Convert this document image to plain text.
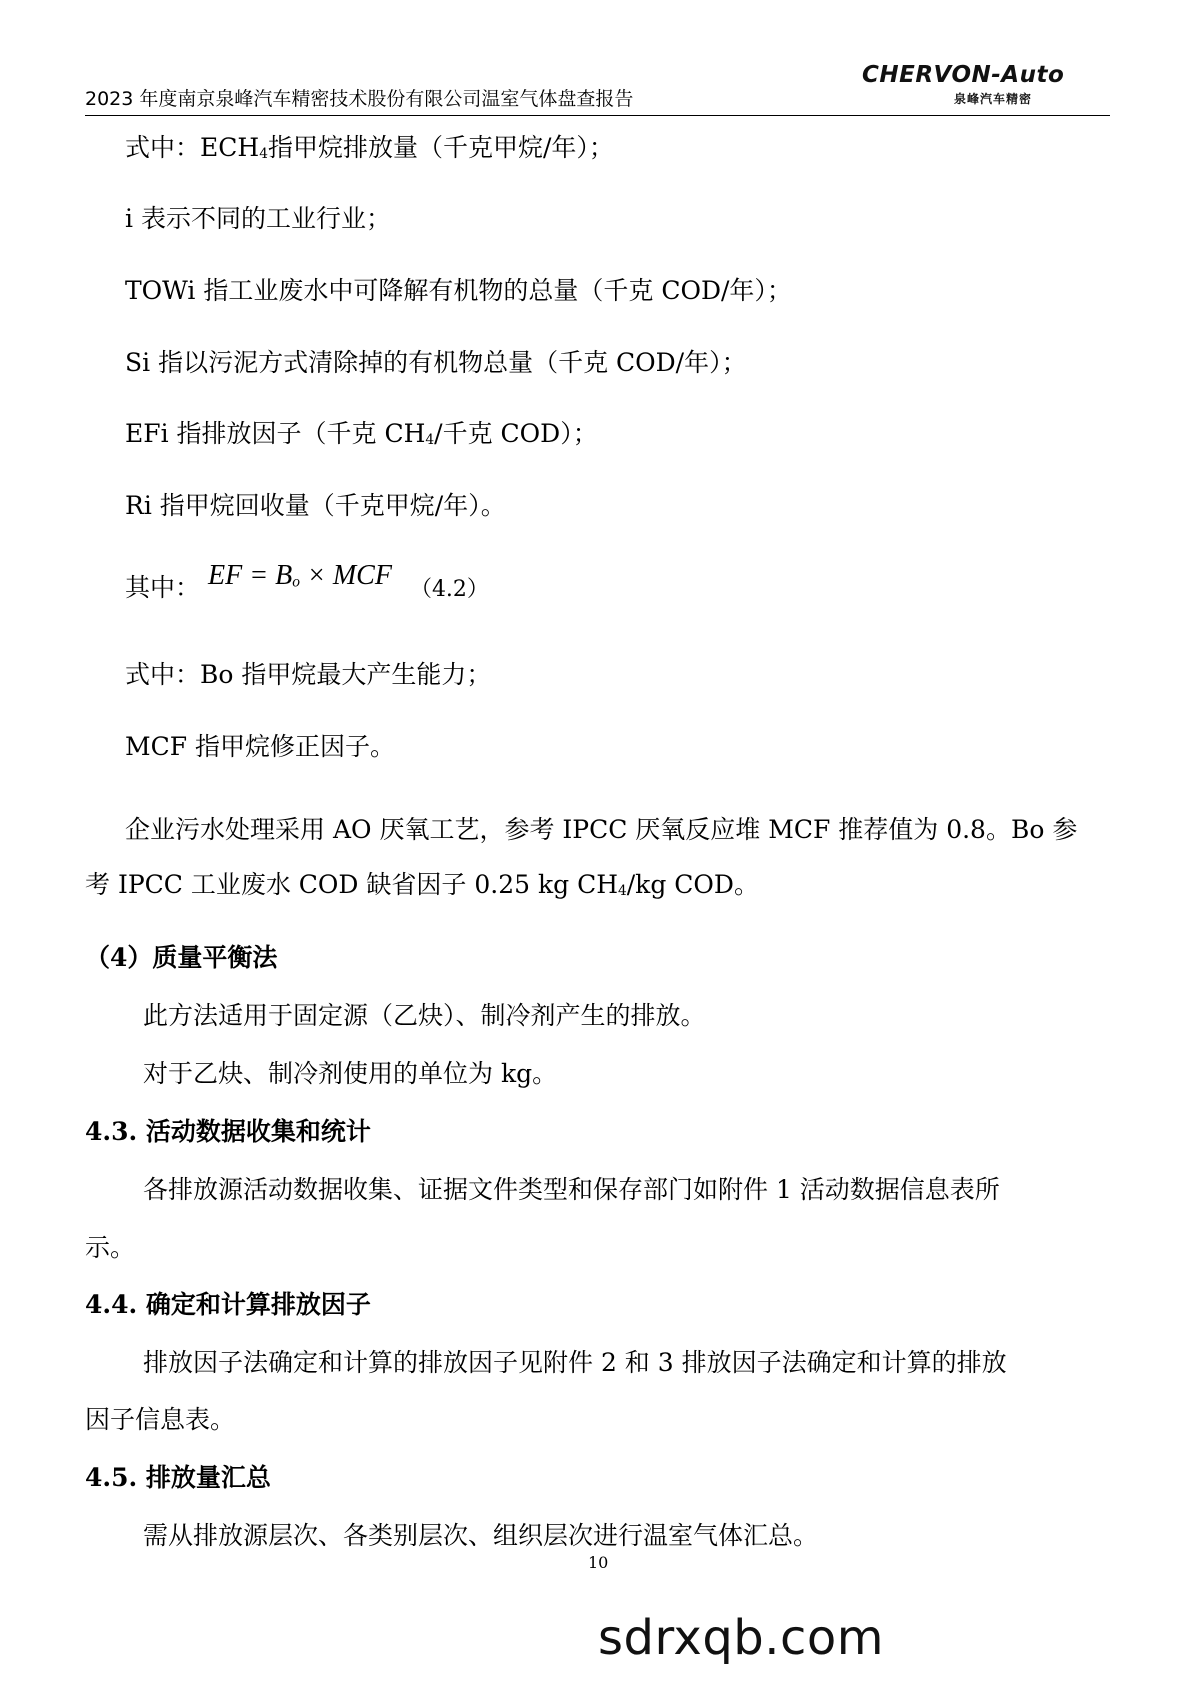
2023 年度南京泉峰汽车精密技术股份有限公司温室气体盘查报告
CHERVON-Auto
泉峰汽车精密
式中：$ECH_4$指甲烷排放量（千克甲烷/年）；
i 表示不同的工业行业；
TOWi 指工业废水中可降解有机物的总量（千克 COD/年）；
Si 指以污泥方式清除掉的有机物总量（千克 COD/年）；
EFi 指排放因子（千克 $CH_4/$千克 COD）；
Ri 指甲烷回收量（千克甲烷/年）。
其中： EF = $B_o$ × MCF （4.2）
式中：Bo 指甲烷最大产生能力；
MCF 指甲烷修正因子。
企业污水处理采用 AO 厌氧工艺，参考 IPCC 厌氧反应堆 MCF 推荐值为 0.8。Bo 参
考 IPCC 工业废水 COD 缺省因子 0.25 kg $CH_4/kg$ COD。
（4）质量平衡法
此方法适用于固定源（乙炔）、制冷剂产生的排放。
对于乙炔、制冷剂使用的单位为 kg。
4.3. 活动数据收集和统计
各排放源活动数据收集、证据文件类型和保存部门如附件 1 活动数据信息表所
示。
4.4. 确定和计算排放因子
排放因子法确定和计算的排放因子见附件 2 和 3 排放因子法确定和计算的排放
因子信息表。
4.5. 排放量汇总
需从排放源层次、各类别层次、组织层次进行温室气体汇总。
10
sdrxqb.com
